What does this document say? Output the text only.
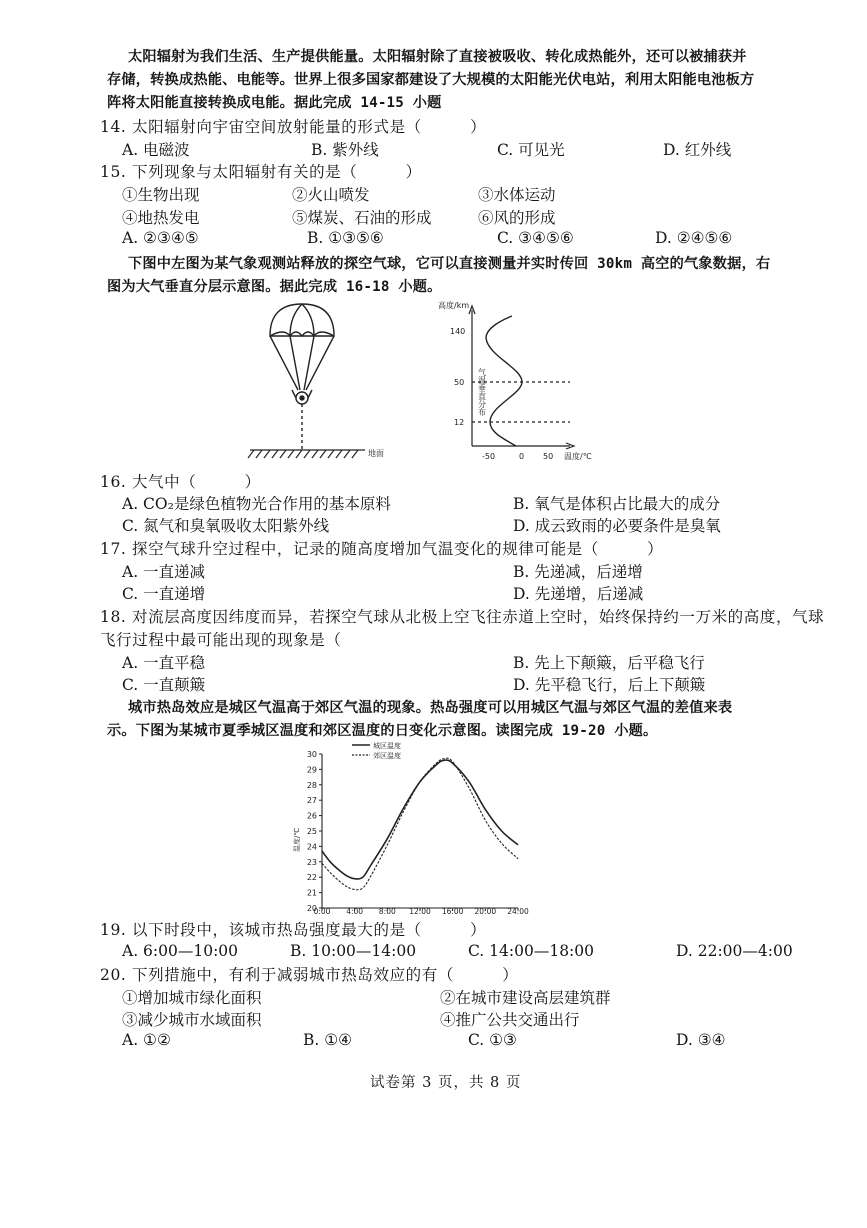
太阳辐射为我们生活、生产提供能量。太阳辐射除了直接被吸收、转化成热能外，还可以被捕获并
存储，转换成热能、电能等。世界上很多国家都建设了大规模的太阳能光伏电站，利用太阳能电池板方
阵将太阳能直接转换成电能。据此完成 14-15 小题
14. 太阳辐射向宇宙空间放射能量的形式是（　　　）
A. 电磁波	B. 紫外线	C. 可见光	D. 红外线
15. 下列现象与太阳辐射有关的是（　　　）
①生物出现	②火山喷发	③水体运动
④地热发电	⑤煤炭、石油的形成	⑥风的形成
A. ②③④⑤	B. ①③⑤⑥	C. ③④⑤⑥	D. ②④⑤⑥
下图中左图为某气象观测站释放的探空气球，它可以直接测量并实时传回 30km 高空的气象数据，右
图为大气垂直分层示意图。据此完成 16-18 小题。
地面
高度/km
140
50
12
-50	0 50 温度/℃
气温垂直分布
16. 大气中（　　　）
A. CO₂是绿色植物光合作用的基本原料	B. 氧气是体积占比最大的成分
C. 氮气和臭氧吸收太阳紫外线	D. 成云致雨的必要条件是臭氧
17. 探空气球升空过程中，记录的随高度增加气温变化的规律可能是（　　　）
A. 一直递减	B. 先递减，后递增
C. 一直递增	D. 先递增，后递减
18. 对流层高度因纬度而异，若探空气球从北极上空飞往赤道上空时，始终保持约一万米的高度，气球
飞行过程中最可能出现的现象是（
A. 一直平稳	B. 先上下颠簸，后平稳飞行
C. 一直颠簸	D. 先平稳飞行，后上下颠簸
城市热岛效应是城区气温高于郊区气温的现象。热岛强度可以用城区气温与郊区气温的差值来表
示。下图为某城市夏季城区温度和郊区温度的日变化示意图。读图完成 19-20 小题。
20
21
22
23
24
25
26
27
28
29
30
0:00 4:00 8:00 12:00 16:00 20:00 24:00
温度/℃
城区温度
郊区温度
19. 以下时段中，该城市热岛强度最大的是（　　　）
A. 6:00—10:00	B. 10:00—14:00	C. 14:00—18:00	D. 22:00—4:00
20. 下列措施中，有利于减弱城市热岛效应的有（　　　）
①增加城市绿化面积	②在城市建设高层建筑群
③减少城市水域面积	④推广公共交通出行
A. ①②	B. ①④	C. ①③	D. ③④
试卷第 3 页，共 8 页
